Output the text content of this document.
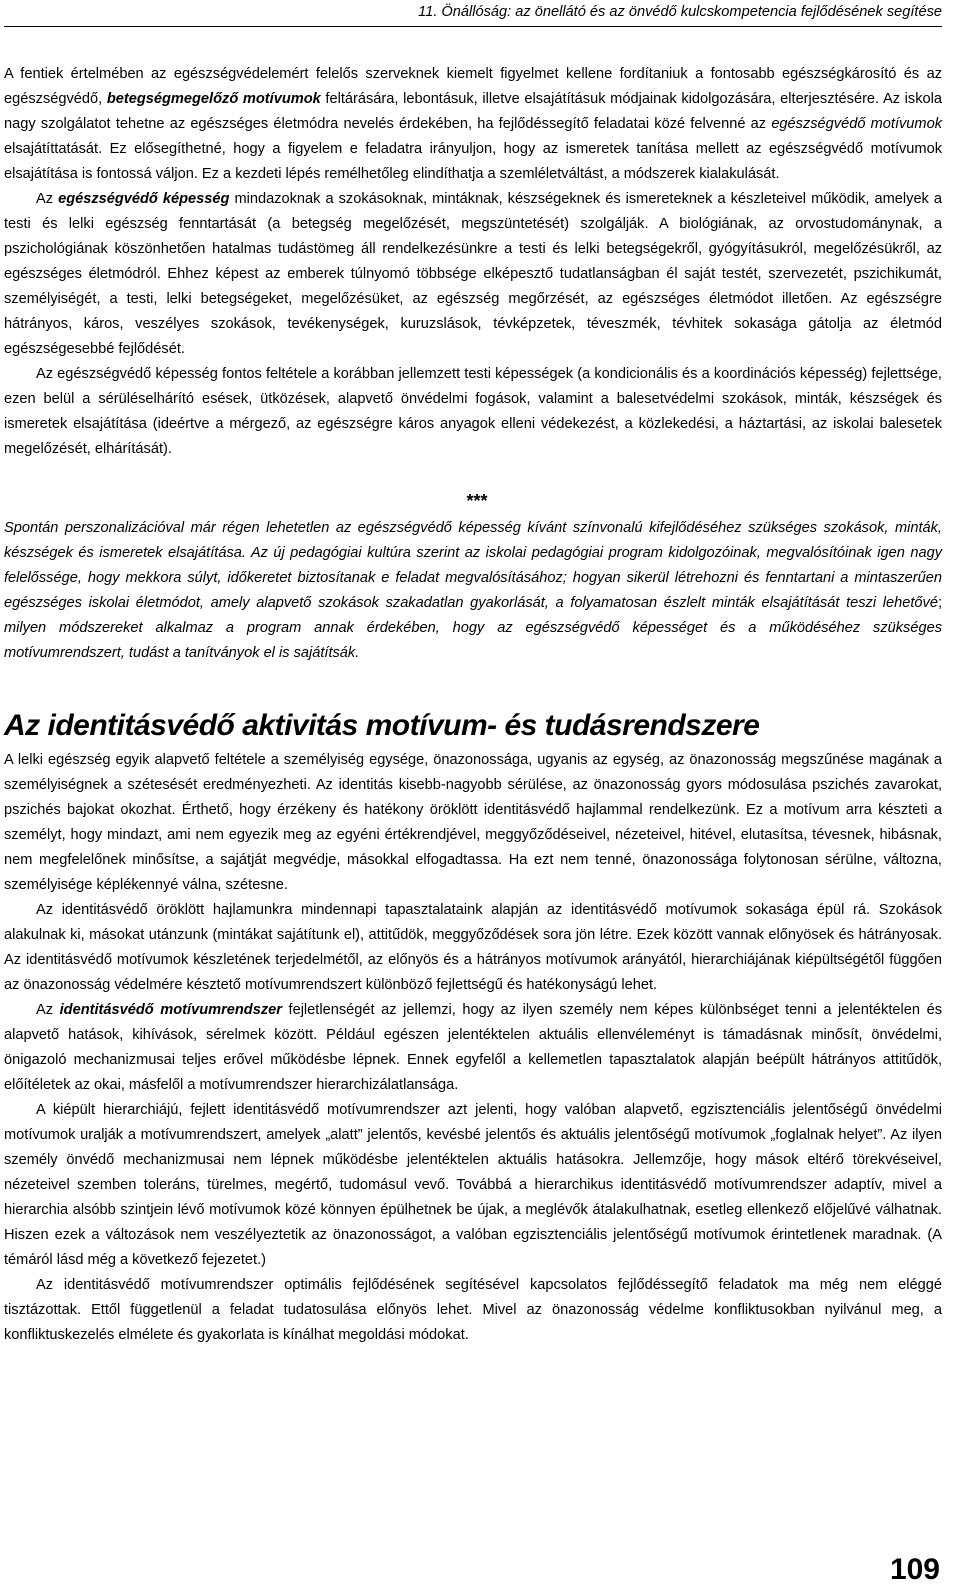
11. Önállóság: az önellátó és az önvédő kulcskompetencia fejlődésének segítése

A fentiek értelmében az egészségvédelemért felelős szerveknek kiemelt figyelmet kellene fordítaniuk a fontosabb egészségkárosító és az egészségvédő, betegségmegelőző motívumok feltárására, lebontásuk, illetve elsajátításuk módjainak kidolgozására, elterjesztésére. Az iskola nagy szolgálatot tehetne az egészséges életmódra nevelés érdekében, ha fejlődéssegítő feladatai közé felvenné az egészségvédő motívumok elsajátíttatását. Ez elősegíthetné, hogy a figyelem e feladatra irányuljon, hogy az ismeretek tanítása mellett az egészségvédő motívumok elsajátítása is fontossá váljon. Ez a kezdeti lépés remélhetőleg elindíthatja a szemléletváltást, a módszerek kialakulását.

Az egészségvédő képesség mindazoknak a szokásoknak, mintáknak, készségeknek és ismereteknek a készleteivel működik, amelyek a testi és lelki egészség fenntartását (a betegség megelőzését, megszüntetését) szolgálják. A biológiának, az orvostudománynak, a pszichológiának köszönhetően hatalmas tudástömeg áll rendelkezésünkre a testi és lelki betegségekről, gyógyításukról, megelőzésükről, az egészséges életmódról. Ehhez képest az emberek túlnyomó többsége elképesztő tudatlanságban él saját testét, szervezetét, pszichikumát, személyiségét, a testi, lelki betegségeket, megelőzésüket, az egészség megőrzését, az egészséges életmódot illetően. Az egészségre hátrányos, káros, veszélyes szokások, tevékenységek, kuruzslások, tévképzetek, téveszmék, tévhitek sokasága gátolja az életmód egészségesebbé fejlődését.

Az egészségvédő képesség fontos feltétele a korábban jellemzett testi képességek (a kondicionális és a koordinációs képesség) fejlettsége, ezen belül a sérüléselhárító esések, ütközések, alapvető önvédelmi fogások, valamint a balesetvédelmi szokások, minták, készségek és ismeretek elsajátítása (ideértve a mérgező, az egészségre káros anyagok elleni védekezést, a közlekedési, a háztartási, az iskolai balesetek megelőzését, elhárítását).

***

Spontán perszonalizációval már régen lehetetlen az egészségvédő képesség kívánt színvonalú kifejlődéséhez szükséges szokások, minták, készségek és ismeretek elsajátítása. Az új pedagógiai kultúra szerint az iskolai pedagógiai program kidolgozóinak, megvalósítóinak igen nagy felelőssége, hogy mekkora súlyt, időkeretet biztosítanak e feladat megvalósításához; hogyan sikerül létrehozni és fenntartani a mintaszerűen egészséges iskolai életmódot, amely alapvető szokások szakadatlan gyakorlását, a folyamatosan észlelt minták elsajátítását teszi lehetővé; milyen módszereket alkalmaz a program annak érdekében, hogy az egészségvédő képességet és a működéséhez szükséges motívumrendszert, tudást a tanítványok el is sajátítsák.

Az identitásvédő aktivitás motívum- és tudásrendszere

A lelki egészség egyik alapvető feltétele a személyiség egysége, önazonossága, ugyanis az egység, az önazonosság megszűnése magának a személyiségnek a szétesését eredményezheti. Az identitás kisebb-nagyobb sérülése, az önazonosság gyors módosulása pszichés zavarokat, pszichés bajokat okozhat. Érthető, hogy érzékeny és hatékony öröklött identitásvédő hajlammal rendelkezünk. Ez a motívum arra készteti a személyt, hogy mindazt, ami nem egyezik meg az egyéni értékrendjével, meggyőződéseivel, nézeteivel, hitével, elutasítsa, tévesnek, hibásnak, nem megfelelőnek minősítse, a sajátját megvédje, másokkal elfogadtassa. Ha ezt nem tenné, önazonossága folytonosan sérülne, változna, személyisége képlékennyé válna, szétesne.

Az identitásvédő öröklött hajlamunkra mindennapi tapasztalataink alapján az identitásvédő motívumok sokasága épül rá. Szokások alakulnak ki, másokat utánzunk (mintákat sajátítunk el), attitűdök, meggyőződések sora jön létre. Ezek között vannak előnyösek és hátrányosak. Az identitásvédő motívumok készletének terjedelmétől, az előnyös és a hátrányos motívumok arányától, hierarchiájának kiépültségétől függően az önazonosság védelmére késztető motívumrendszert különböző fejlettségű és hatékonyságú lehet.

Az identitásvédő motívumrendszer fejletlenségét az jellemzi, hogy az ilyen személy nem képes különbséget tenni a jelentéktelen és alapvető hatások, kihívások, sérelmek között. Például egészen jelentéktelen aktuális ellenvéleményt is támadásnak minősít, önvédelmi, önigazoló mechanizmusai teljes erővel működésbe lépnek. Ennek egyfelől a kellemetlen tapasztalatok alapján beépült hátrányos attitűdök, előítéletek az okai, másfelől a motívumrendszer hierarchizálatlansága.

A kiépült hierarchiájú, fejlett identitásvédő motívumrendszer azt jelenti, hogy valóban alapvető, egzisztenciális jelentőségű önvédelmi motívumok uralják a motívumrendszert, amelyek „alatt” jelentős, kevésbé jelentős és aktuális jelentőségű motívumok „foglalnak helyet”. Az ilyen személy önvédő mechanizmusai nem lépnek működésbe jelentéktelen aktuális hatásokra. Jellemzője, hogy mások eltérő törekvéseivel, nézeteivel szemben toleráns, türelmes, megértő, tudomásul vevő. Továbbá a hierarchikus identitásvédő motívumrendszer adaptív, mivel a hierarchia alsóbb szintjein lévő motívumok közé könnyen épülhetnek be újak, a meglévők átalakulhatnak, esetleg ellenkező előjelűvé válhatnak. Hiszen ezek a változások nem veszélyeztetik az önazonosságot, a valóban egzisztenciális jelentőségű motívumok érintetlenek maradnak. (A témáról lásd még a következő fejezetet.)

Az identitásvédő motívumrendszer optimális fejlődésének segítésével kapcsolatos fejlődéssegítő feladatok ma még nem eléggé tisztázottak. Ettől függetlenül a feladat tudatosulása előnyös lehet. Mivel az önazonosság védelme konfliktusokban nyilvánul meg, a konfliktuskezelés elmélete és gyakorlata is kínálhat megoldási módokat.

109
